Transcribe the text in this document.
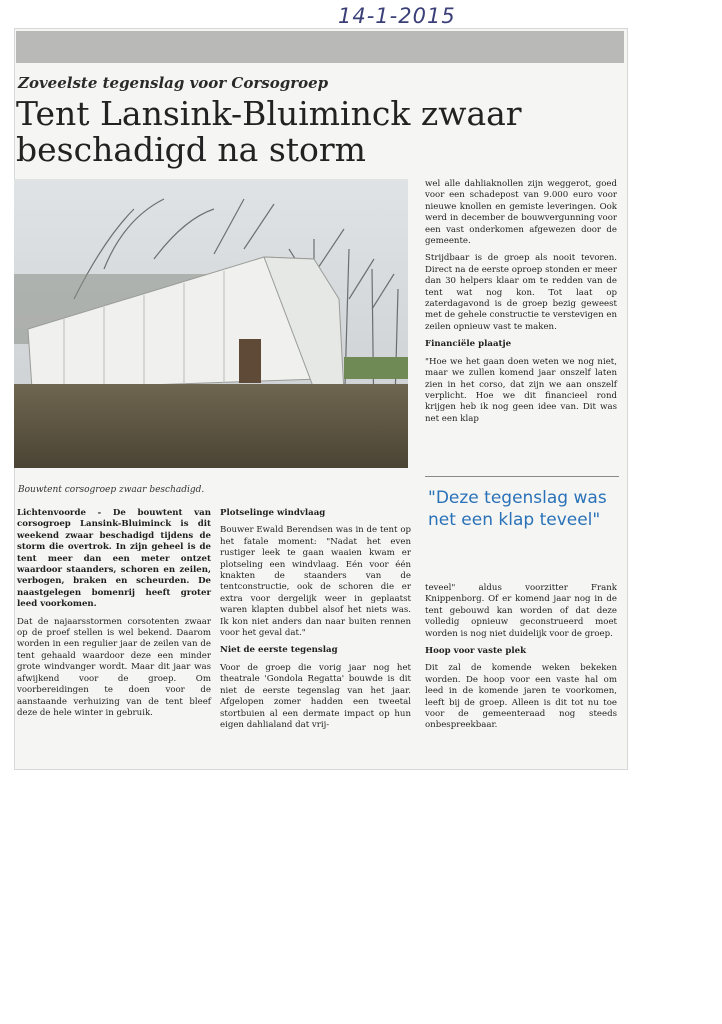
14-1-2015
Zoveelste tegenslag voor Corsogroep
Tent Lansink-Bluiminck zwaar beschadigd na storm
Bouwtent corsogroep zwaar beschadigd.

Lichtenvoorde - De bouwtent van corsogroep Lansink-Bluiminck is dit weekend zwaar beschadigd tijdens de storm die overtrok. In zijn geheel is de tent meer dan een meter ontzet waardoor staanders, schoren en zeilen, verbogen, braken en scheurden. De naastgelegen bomenrij heeft groter leed voorkomen.

Dat de najaarsstormen corsotenten zwaar op de proef stellen is wel bekend. Daarom worden in een regulier jaar de zeilen van de tent gehaald waardoor deze een minder grote windvanger wordt. Maar dit jaar was afwijkend voor de groep. Om voorbereidingen te doen voor de aanstaande verhuizing van de tent bleef deze de hele winter in gebruik.

Plotselinge windvlaag

Bouwer Ewald Berendsen was in de tent op het fatale moment: "Nadat het even rustiger leek te gaan waaien kwam er plotseling een windvlaag. Eén voor één knakten de staanders van de tentconstructie, ook de schoren die er extra voor dergelijk weer in geplaatst waren klapten dubbel alsof het niets was. Ik kon niet anders dan naar buiten rennen voor het geval dat."

Niet de eerste tegenslag

Voor de groep die vorig jaar nog het theatrale 'Gondola Regatta' bouwde is dit niet de eerste tegenslag van het jaar. Afgelopen zomer hadden een tweetal stortbuien al een dermate impact op hun eigen dahlialand dat vrij-

wel alle dahliaknollen zijn weggerot, goed voor een schadepost van 9.000 euro voor nieuwe knollen en gemiste leveringen. Ook werd in december de bouwvergunning voor een vast onderkomen afgewezen door de gemeente.

Strijdbaar is de groep als nooit tevoren. Direct na de eerste oproep stonden er meer dan 30 helpers klaar om te redden van de tent wat nog kon. Tot laat op zaterdagavond is de groep bezig geweest met de gehele constructie te verstevigen en zeilen opnieuw vast te maken.

Financiële plaatje

"Hoe we het gaan doen weten we nog niet, maar we zullen komend jaar onszelf laten zien in het corso, dat zijn we aan onszelf verplicht. Hoe we dit financieel rond krijgen heb ik nog geen idee van. Dit was net een klap

"Deze tegenslag was net een klap teveel"

teveel" aldus voorzitter Frank Knippenborg. Of er komend jaar nog in de tent gebouwd kan worden of dat deze volledig opnieuw geconstrueerd moet worden is nog niet duidelijk voor de groep.

Hoop voor vaste plek

Dit zal de komende weken bekeken worden. De hoop voor een vaste hal om leed in de komende jaren te voorkomen, leeft bij de groep. Alleen is dit tot nu toe voor de gemeenteraad nog steeds onbespreekbaar.
